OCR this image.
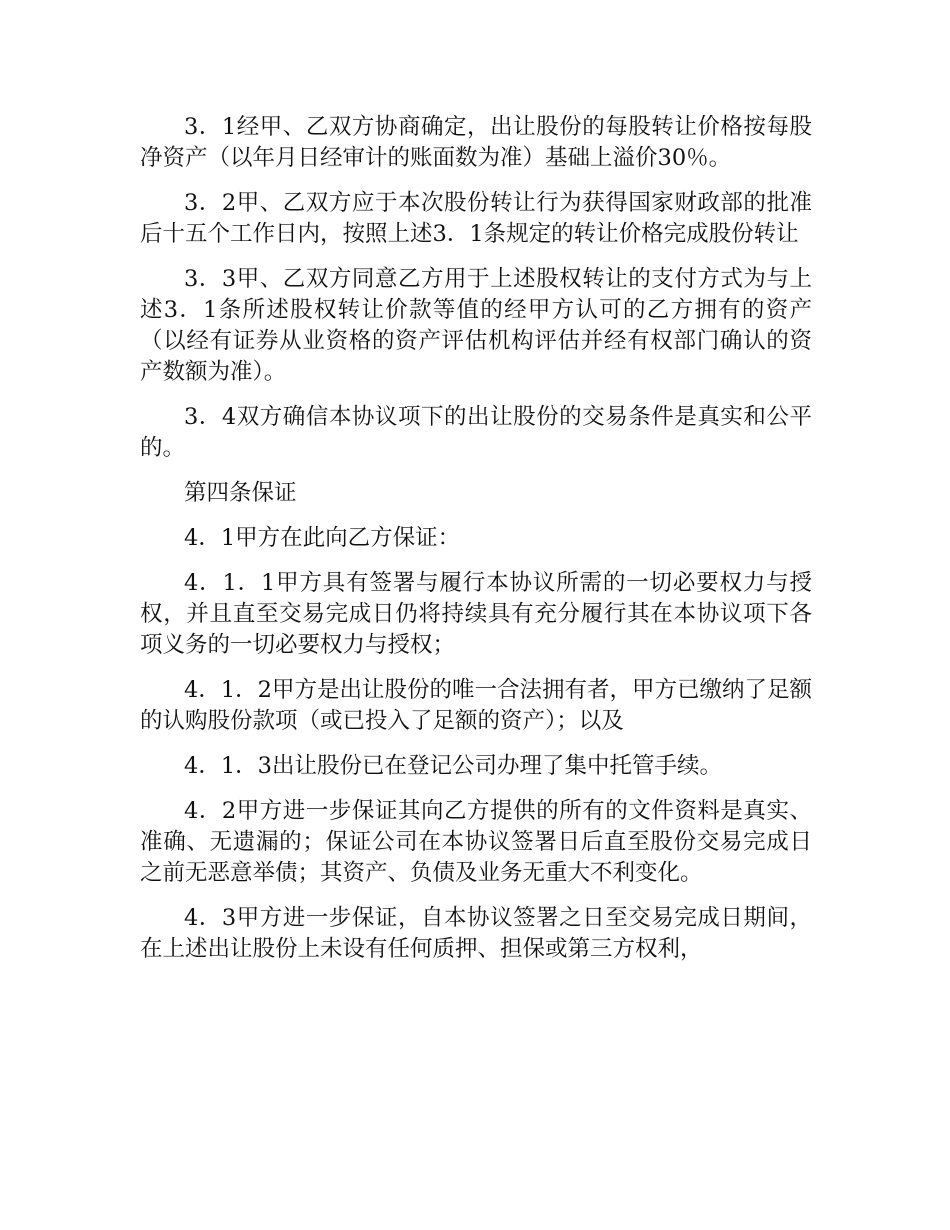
3．1经甲、乙双方协商确定，出让股份的每股转让价格按每股净资产（以年月日经审计的账面数为准）基础上溢价30％。

3．2甲、乙双方应于本次股份转让行为获得国家财政部的批准后十五个工作日内，按照上述3．1条规定的转让价格完成股份转让

3．3甲、乙双方同意乙方用于上述股权转让的支付方式为与上述3．1条所述股权转让价款等值的经甲方认可的乙方拥有的资产（以经有证券从业资格的资产评估机构评估并经有权部门确认的资产数额为准）。

3．4双方确信本协议项下的出让股份的交易条件是真实和公平的。

第四条保证

4．1甲方在此向乙方保证：

4．1．1甲方具有签署与履行本协议所需的一切必要权力与授权，并且直至交易完成日仍将持续具有充分履行其在本协议项下各项义务的一切必要权力与授权；

4．1．2甲方是出让股份的唯一合法拥有者，甲方已缴纳了足额的认购股份款项（或已投入了足额的资产）；以及

4．1．3出让股份已在登记公司办理了集中托管手续。

4．2甲方进一步保证其向乙方提供的所有的文件资料是真实、准确、无遗漏的；保证公司在本协议签署日后直至股份交易完成日之前无恶意举债；其资产、负债及业务无重大不利变化。

4．3甲方进一步保证，自本协议签署之日至交易完成日期间，在上述出让股份上未设有任何质押、担保或第三方权利，
